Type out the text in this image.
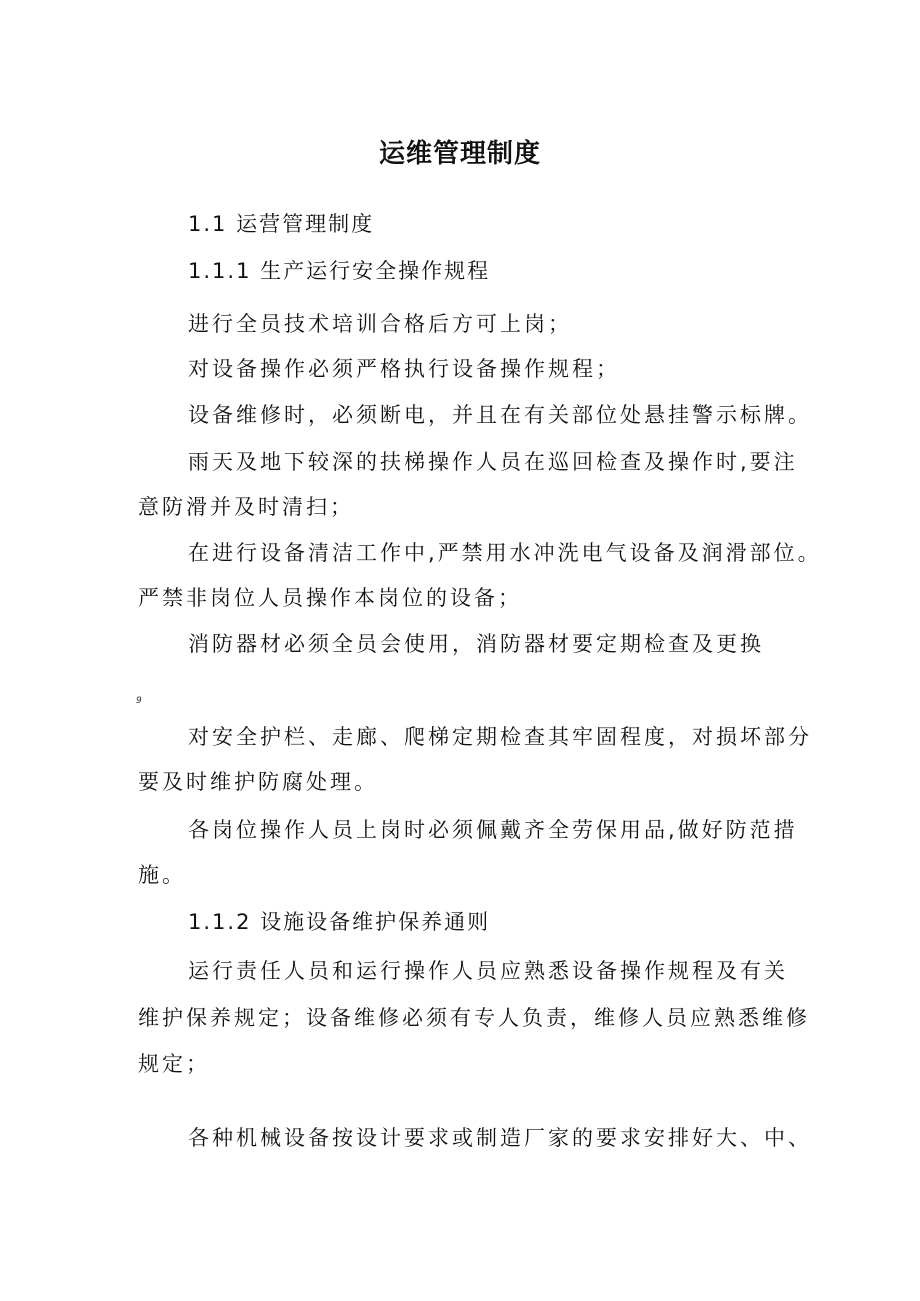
运维管理制度
1.1 运营管理制度
1.1.1 生产运行安全操作规程
进行全员技术培训合格后方可上岗；
对设备操作必须严格执行设备操作规程；
设备维修时，必须断电，并且在有关部位处悬挂警示标牌。
雨天及地下较深的扶梯操作人员在巡回检查及操作时,要注
意防滑并及时清扫；
在进行设备清洁工作中,严禁用水冲洗电气设备及润滑部位。
严禁非岗位人员操作本岗位的设备；
消防器材必须全员会使用，消防器材要定期检查及更换
9
对安全护栏、走廊、爬梯定期检查其牢固程度，对损坏部分
要及时维护防腐处理。
各岗位操作人员上岗时必须佩戴齐全劳保用品,做好防范措
施。
1.1.2 设施设备维护保养通则
运行责任人员和运行操作人员应熟悉设备操作规程及有关
维护保养规定；设备维修必须有专人负责，维修人员应熟悉维修
规定；
各种机械设备按设计要求或制造厂家的要求安排好大、中、
